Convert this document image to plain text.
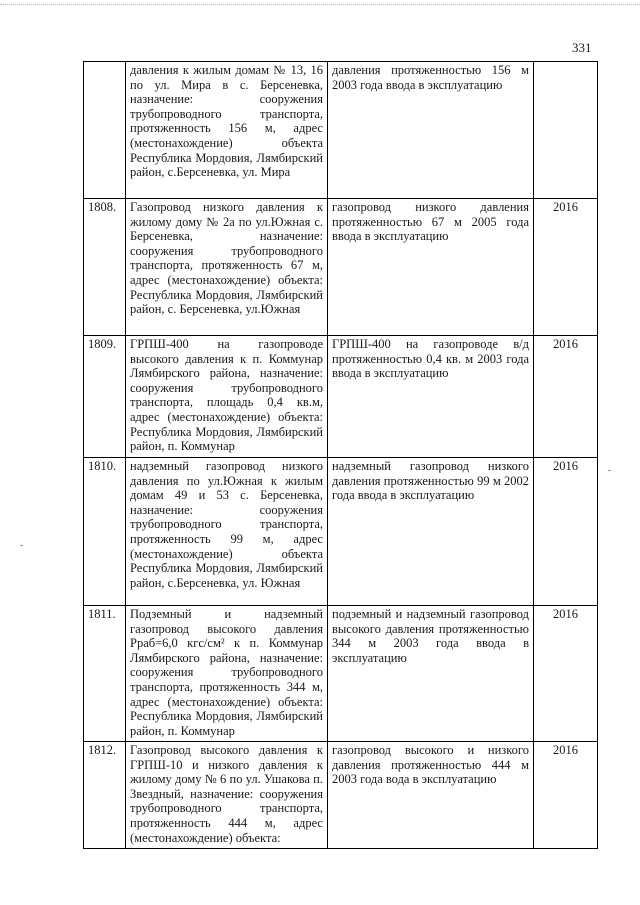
331
	давления к жилым домам № 13, 16 по ул. Мира в с. Берсеневка, назначение: сооружения трубопроводного транспорта, протяженность 156 м, адрес (местонахождение) объекта Республика Мордовия, Лямбирский район, с.Берсеневка, ул. Мира	давления протяженностью 156 м 2003 года ввода в эксплуатацию	
1808.	Газопровод низкого давления к жилому дому № 2а по ул.Южная с. Берсеневка, назначение: сооружения трубопроводного транспорта, протяженность 67 м, адрес (местонахождение) объекта: Республика Мордовия, Лямбирский район, с. Берсеневка, ул.Южная	газопровод низкого давления протяженностью 67 м 2005 года ввода в эксплуатацию	2016
1809.	ГРПШ-400 на газопроводе высокого давления к п. Коммунар Лямбирского района, назначение: сооружения трубопроводного транспорта, площадь 0,4 кв.м, адрес (местонахождение) объекта: Республика Мордовия, Лямбирский район, п. Коммунар	ГРПШ-400 на газопроводе в/д протяженностью 0,4 кв. м 2003 года ввода в эксплуатацию	2016
1810.	надземный газопровод низкого давления по ул.Южная к жилым домам 49 и 53 с. Берсеневка, назначение: сооружения трубопроводного транспорта, протяженность 99 м, адрес (местонахождение) объекта Республика Мордовия, Лямбирский район, с.Берсеневка, ул. Южная	надземный газопровод низкого давления протяженностью 99 м 2002 года ввода в эксплуатацию	2016
1811.	Подземный и надземный газопровод высокого давления Рраб=6,0 кгс/см² к п. Коммунар Лямбирского района, назначение: сооружения трубопроводного транспорта, протяженность 344 м, адрес (местонахождение) объекта: Республика Мордовия, Лямбирский район, п. Коммунар	подземный и надземный газопровод высокого давления протяженностью 344 м 2003 года ввода в эксплуатацию	2016
1812.	Газопровод высокого давления к ГРПШ-10 и низкого давления к жилому дому № 6 по ул. Ушакова п. Звездный, назначение: сооружения трубопроводного транспорта, протяженность 444 м, адрес (местонахождение) объекта:	газопровод высокого и низкого давления протяженностью 444 м 2003 года вода в эксплуатацию	2016
